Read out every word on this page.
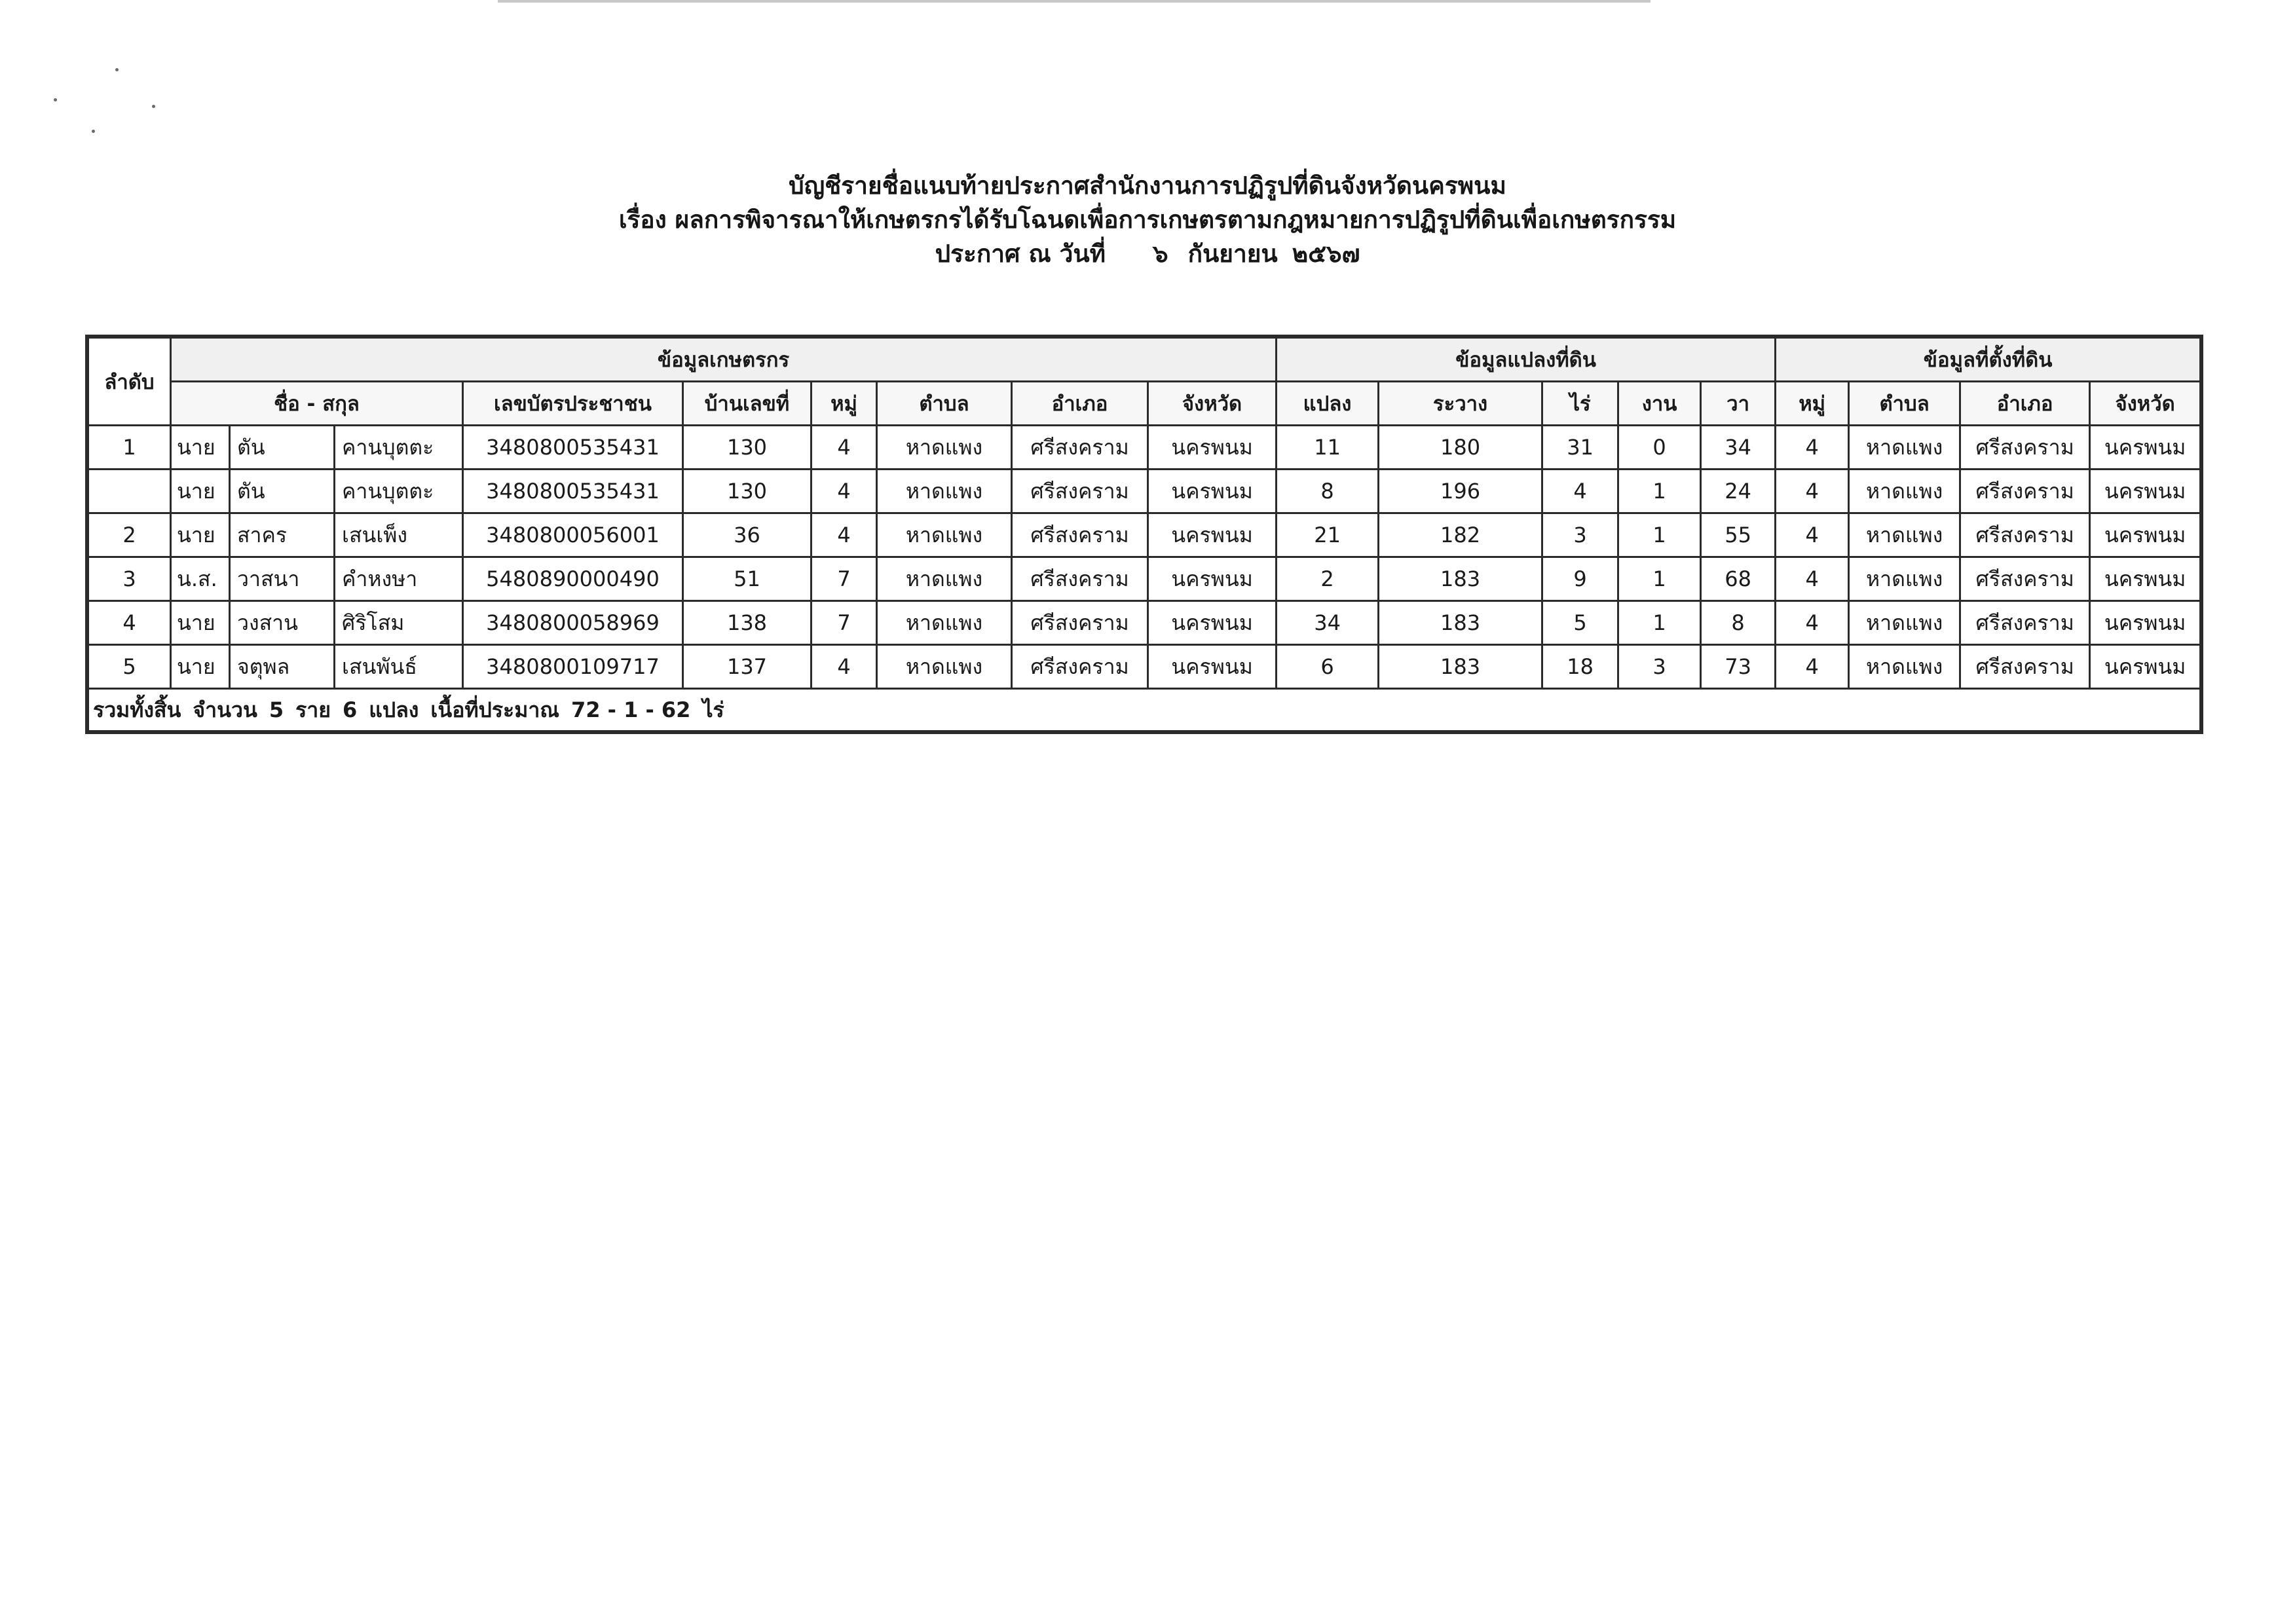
บัญชีรายชื่อแนบท้ายประกาศสำนักงานการปฏิรูปที่ดินจังหวัดนครพนม
เรื่อง ผลการพิจารณาให้เกษตรกรได้รับโฉนดเพื่อการเกษตรตามกฎหมายการปฏิรูปที่ดินเพื่อเกษตรกรรม
ประกาศ ณ วันที่ ๖ กันยายน ๒๕๖๗
ลำดับ	ข้อมูลเกษตรกร									ข้อมูลแปลงที่ดิน					ข้อมูลที่ตั้งที่ดิน			
	ชื่อ - สกุล			เลขบัตรประชาชน	บ้านเลขที่	หมู่	ตำบล	อำเภอ	จังหวัด	แปลง	ระวาง	ไร่	งาน	วา	หมู่	ตำบล	อำเภอ	จังหวัด
1	นาย	ตัน	คานบุตตะ	3480800535431	130	4	หาดแพง	ศรีสงคราม	นครพนม	11	180	31	0	34	4	หาดแพง	ศรีสงคราม	นครพนม
	นาย	ตัน	คานบุตตะ	3480800535431	130	4	หาดแพง	ศรีสงคราม	นครพนม	8	196	4	1	24	4	หาดแพง	ศรีสงคราม	นครพนม
2	นาย	สาคร	เสนเพ็ง	3480800056001	36	4	หาดแพง	ศรีสงคราม	นครพนม	21	182	3	1	55	4	หาดแพง	ศรีสงคราม	นครพนม
3	น.ส.	วาสนา	คำหงษา	5480890000490	51	7	หาดแพง	ศรีสงคราม	นครพนม	2	183	9	1	68	4	หาดแพง	ศรีสงคราม	นครพนม
4	นาย	วงสาน	ศิริโสม	3480800058969	138	7	หาดแพง	ศรีสงคราม	นครพนม	34	183	5	1	8	4	หาดแพง	ศรีสงคราม	นครพนม
5	นาย	จตุพล	เสนพันธ์	3480800109717	137	4	หาดแพง	ศรีสงคราม	นครพนม	6	183	18	3	73	4	หาดแพง	ศรีสงคราม	นครพนม
รวมทั้งสิ้น จำนวน 5 ราย 6 แปลง เนื้อที่ประมาณ 72 - 1 - 62 ไร่																		
